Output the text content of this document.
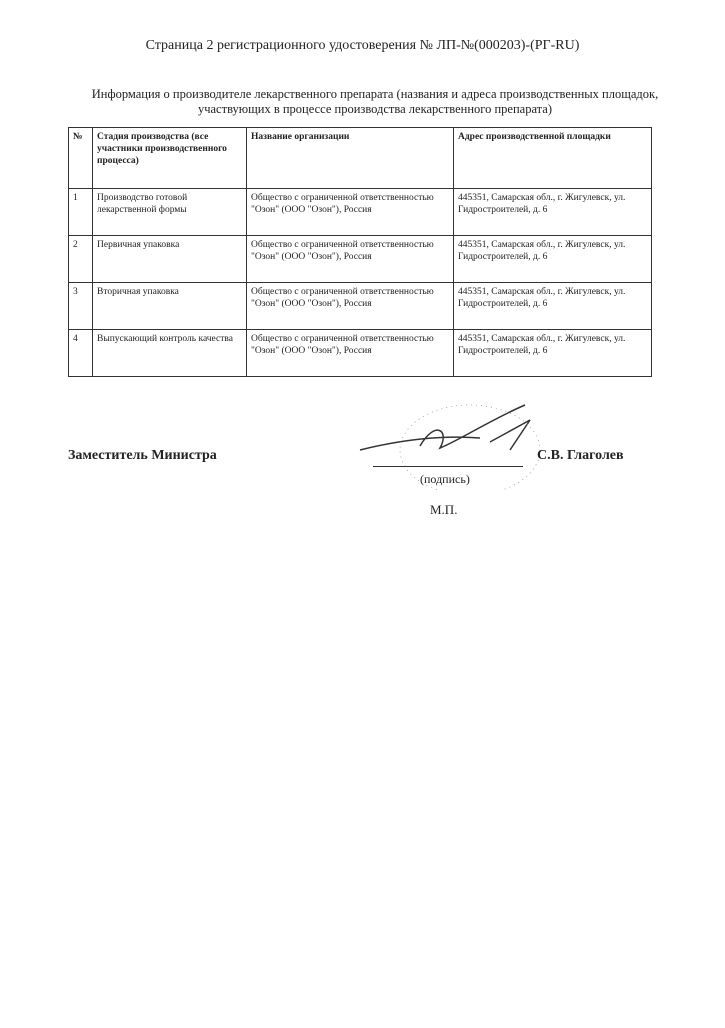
Страница 2 регистрационного удостоверения № ЛП-№(000203)-(РГ-RU)
Информация о производителе лекарственного препарата (названия и адреса производственных площадок, участвующих в процессе производства лекарственного препарата)
№	Стадия производства (все участники производственного процесса)	Название организации	Адрес производственной площадки
1	Производство готовой лекарственной формы	Общество с ограниченной ответственностью "Озон" (ООО "Озон"), Россия	445351, Самарская обл., г. Жигулевск, ул. Гидростроителей, д. 6
2	Первичная упаковка	Общество с ограниченной ответственностью "Озон" (ООО "Озон"), Россия	445351, Самарская обл., г. Жигулевск, ул. Гидростроителей, д. 6
3	Вторичная упаковка	Общество с ограниченной ответственностью "Озон" (ООО "Озон"), Россия	445351, Самарская обл., г. Жигулевск, ул. Гидростроителей, д. 6
4	Выпускающий контроль качества	Общество с ограниченной ответственностью "Озон" (ООО "Озон"), Россия	445351, Самарская обл., г. Жигулевск, ул. Гидростроителей, д. 6
Заместитель Министра	С.В. Глаголев
(подпись)
М.П.
